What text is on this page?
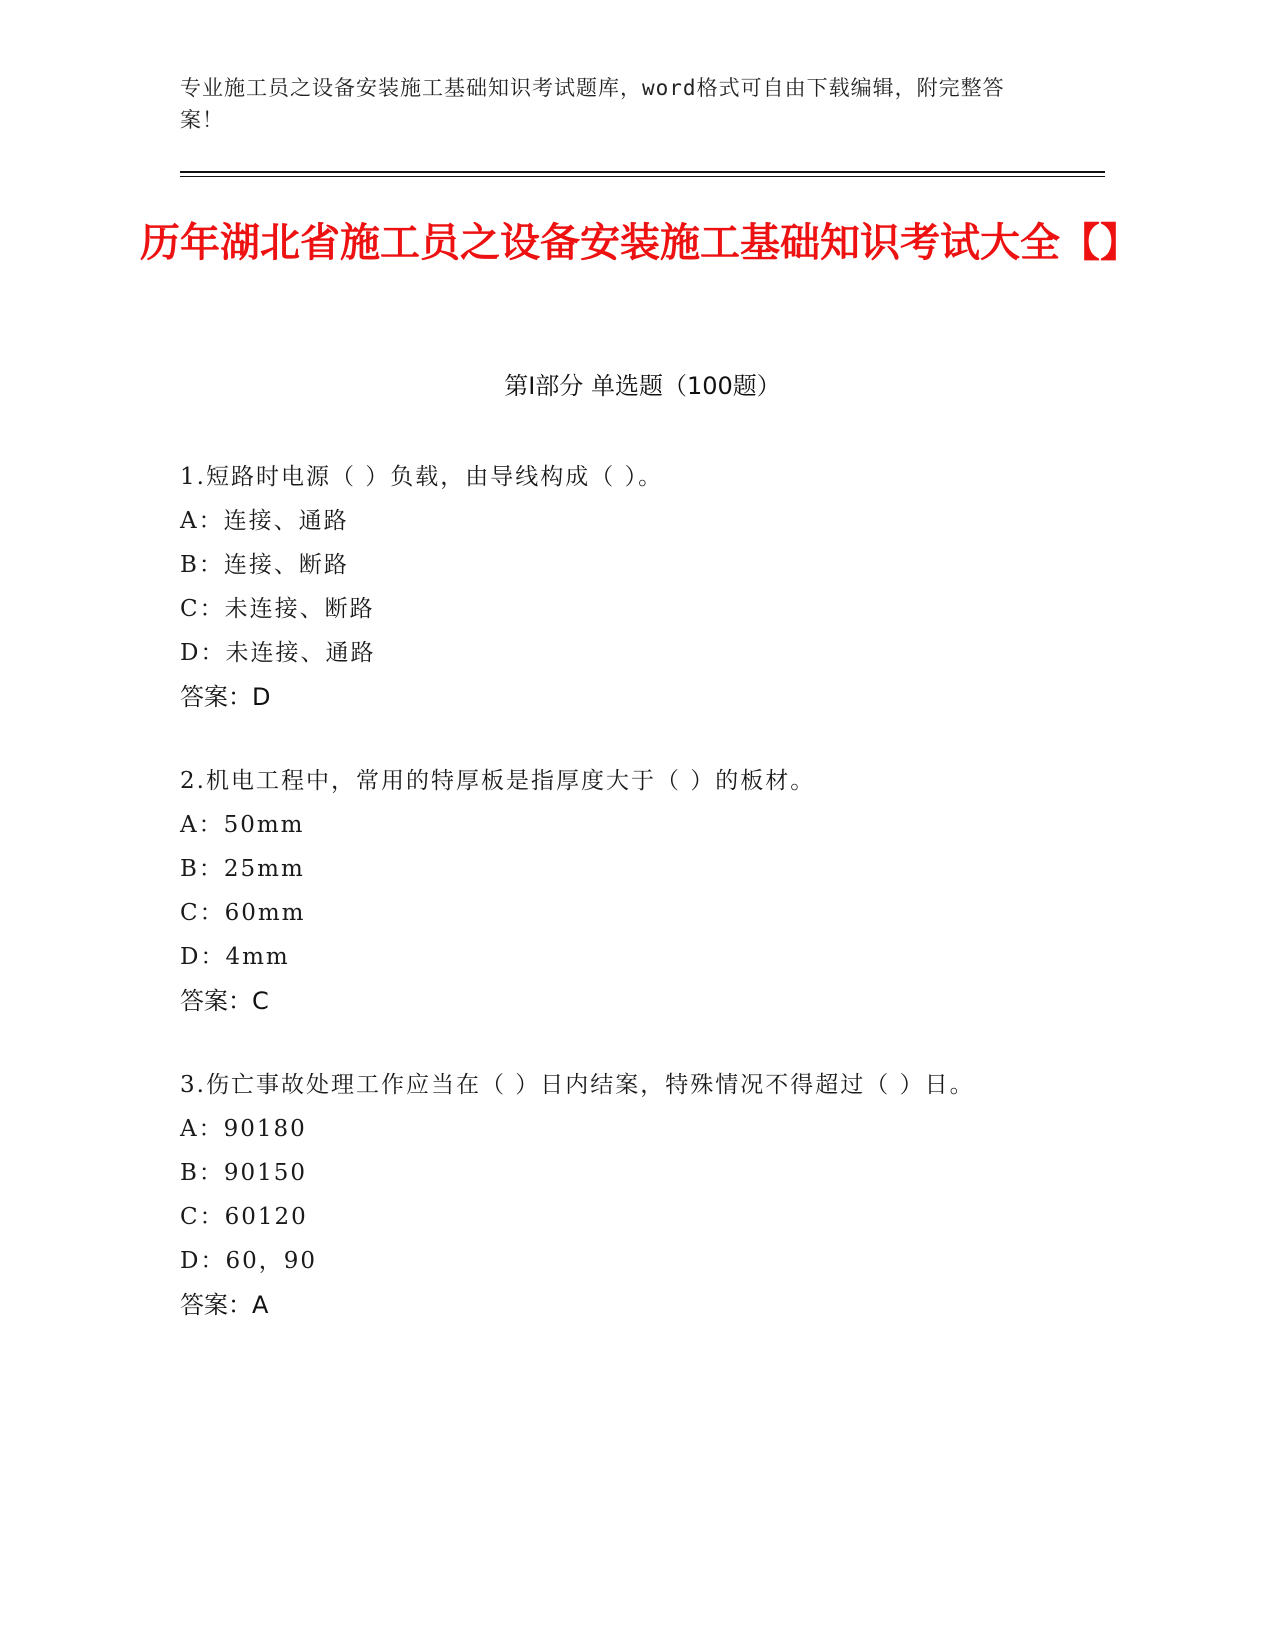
专业施工员之设备安装施工基础知识考试题库，word格式可自由下载编辑，附完整答案！
历年湖北省施工员之设备安装施工基础知识考试大全【】
第Ⅰ部分 单选题（100题）
1.短路时电源（ ）负载，由导线构成（ ）。
A：连接、通路
B：连接、断路
C：未连接、断路
D：未连接、通路
答案：D
2.机电工程中，常用的特厚板是指厚度大于（ ）的板材。
A：50mm
B：25mm
C：60mm
D：4mm
答案：C
3.伤亡事故处理工作应当在（ ）日内结案，特殊情况不得超过（ ）日。
A：90180
B：90150
C：60120
D：60，90
答案：A
